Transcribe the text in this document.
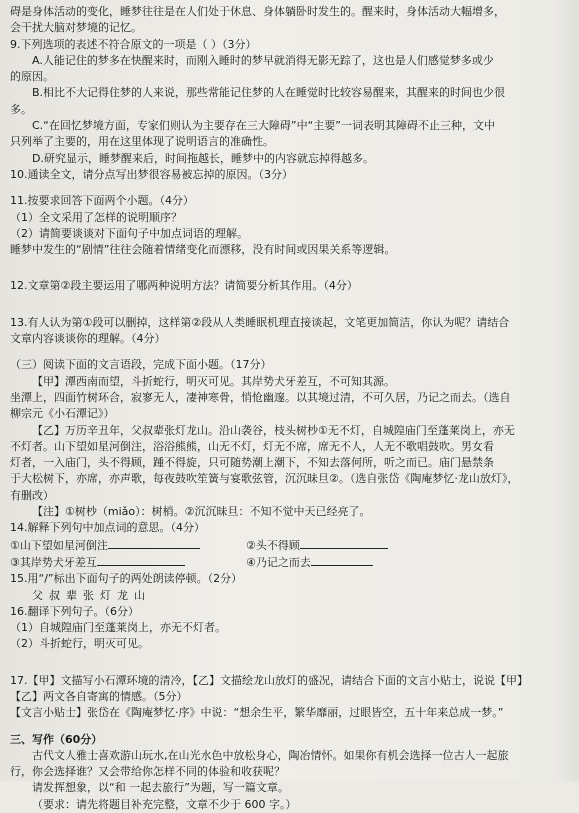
碍是身体活动的变化，睡梦往往是在人们处于休息、身体躺卧时发生的。醒来时，身体活动大幅增多，
会干扰大脑对梦境的记忆。
9.下列选项的表述不符合原文的一项是（ ）（3分）
A.人能记住的梦多在快醒来时，而刚入睡时的梦早就消得无影无踪了，这也是人们感觉梦多或少
的原因。
B.相比不大记得住梦的人来说，那些常能记住梦的人在睡觉时比较容易醒来，其醒来的时间也少很
多。
C.“在回忆梦境方面，专家们则认为主要存在三大障碍”中“主要”一词表明其障碍不止三种，文中
只列举了主要的，用在这里体现了说明语言的准确性。
D.研究显示，睡梦醒来后，时间拖越长，睡梦中的内容就忘掉得越多。
10.通读全文，请分点写出梦很容易被忘掉的原因。（3分）
11.按要求回答下面两个小题。（4分）
（1）全文采用了怎样的说明顺序？
（2）请简要谈谈对下面句子中加点词语的理解。
睡梦中发生的“剧情”往往会随着情绪变化而漂移，没有时间或因果关系等逻辑。
12.文章第②段主要运用了哪两种说明方法？请简要分析其作用。（4分）
13.有人认为第①段可以删掉，这样第②段从人类睡眠机理直接谈起，文笔更加简洁，你认为呢？请结合
文章内容谈谈你的理解。（4分）
（三）阅读下面的文言语段，完成下面小题。（17分）
【甲】潭西南而望，斗折蛇行，明灭可见。其岸势犬牙差互，不可知其源。
坐潭上，四面竹树环合，寂寥无人，凄神寒骨，悄怆幽邃。以其境过清，不可久居，乃记之而去。（选自
柳宗元《小石潭记》）
【乙】万历辛丑年，父叔辈张灯龙山。沿山袭谷，枝头树杪①无不灯，自城隍庙门至蓬莱岗上，亦无
不灯者。山下望如星河倒注，浴浴熊熊，山无不灯，灯无不席，席无不人，人无不歌唱鼓吹。男女看
灯者，一入庙门，头不得顾，踵不得旋，只可随势潮上潮下，不知去落何所，听之而已。庙门悬禁条
于大松树下，亦席，亦声歌，每夜鼓吹笙簧与宴歌弦管，沉沉昧旦②。（选自张岱《陶庵梦忆·龙山放灯》，
有删改）
【注】①树杪（miǎo）：树梢。②沉沉昧旦：不知不觉中天已经亮了。
14.解释下列句中加点词的意思。（4分）
①山下望如星河倒注	②头不得顾
③其岸势犬牙差互	④乃记之而去
15.用“/”标出下面句子的两处朗读停顿。（2分）
父叔辈张灯龙山
16.翻译下列句子。（6分）
（1）自城隍庙门至蓬莱岗上，亦无不灯者。
（2）斗折蛇行，明灭可见。
17.【甲】文描写小石潭环境的清冷，【乙】文描绘龙山放灯的盛况，请结合下面的文言小贴士，说说【甲】
【乙】两文各自寄寓的情感。（5分）
【文言小贴士】张岱在《陶庵梦忆·序》中说：“想余生平，繁华靡丽，过眼皆空，五十年来总成一梦。”
三、写作（60分）
古代文人雅士喜欢游山玩水,在山光水色中放松身心，陶冶情怀。如果你有机会选择一位古人一起旅
行，你会选择谁？又会带给你怎样不同的体验和收获呢？
请发挥想象，以“和 一起去旅行”为题，写一篇文章。
（要求：请先将题目补充完整，文章不少于 600 字。）
